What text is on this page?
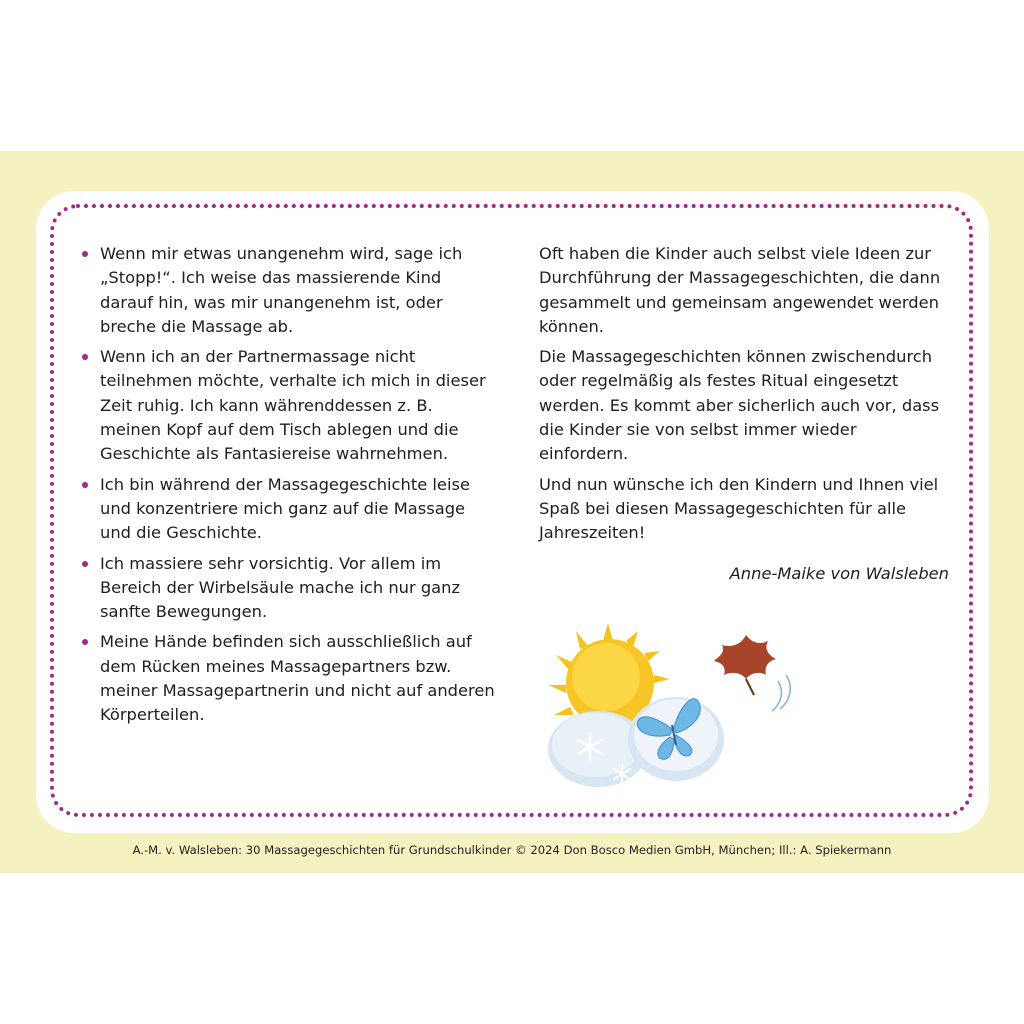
Wenn mir etwas unangenehm wird, sage ich „Stopp!“. Ich weise das massierende Kind darauf hin, was mir unangenehm ist, oder breche die Massage ab.
Wenn ich an der Partnermassage nicht teilnehmen möchte, verhalte ich mich in dieser Zeit ruhig. Ich kann währenddessen z. B. meinen Kopf auf dem Tisch ablegen und die Geschichte als Fantasiereise wahrnehmen.
Ich bin während der Massagegeschichte leise und konzentriere mich ganz auf die Massage und die Geschichte.
Ich massiere sehr vorsichtig. Vor allem im Bereich der Wirbelsäule mache ich nur ganz sanfte Bewegungen.
Meine Hände befinden sich ausschließlich auf dem Rücken meines Massagepartners bzw. meiner Massagepartnerin und nicht auf anderen Körperteilen.

Oft haben die Kinder auch selbst viele Ideen zur Durchführung der Massagegeschichten, die dann gesammelt und gemeinsam angewendet werden können.

Die Massagegeschichten können zwischendurch oder regelmäßig als festes Ritual eingesetzt werden. Es kommt aber sicherlich auch vor, dass die Kinder sie von selbst immer wieder einfordern.

Und nun wünsche ich den Kindern und Ihnen viel Spaß bei diesen Massagegeschichten für alle Jahreszeiten!

Anne-Maike von Walsleben
A.-M. v. Walsleben: 30 Massagegeschichten für Grundschulkinder © 2024 Don Bosco Medien GmbH, München; Ill.: A. Spiekermann
